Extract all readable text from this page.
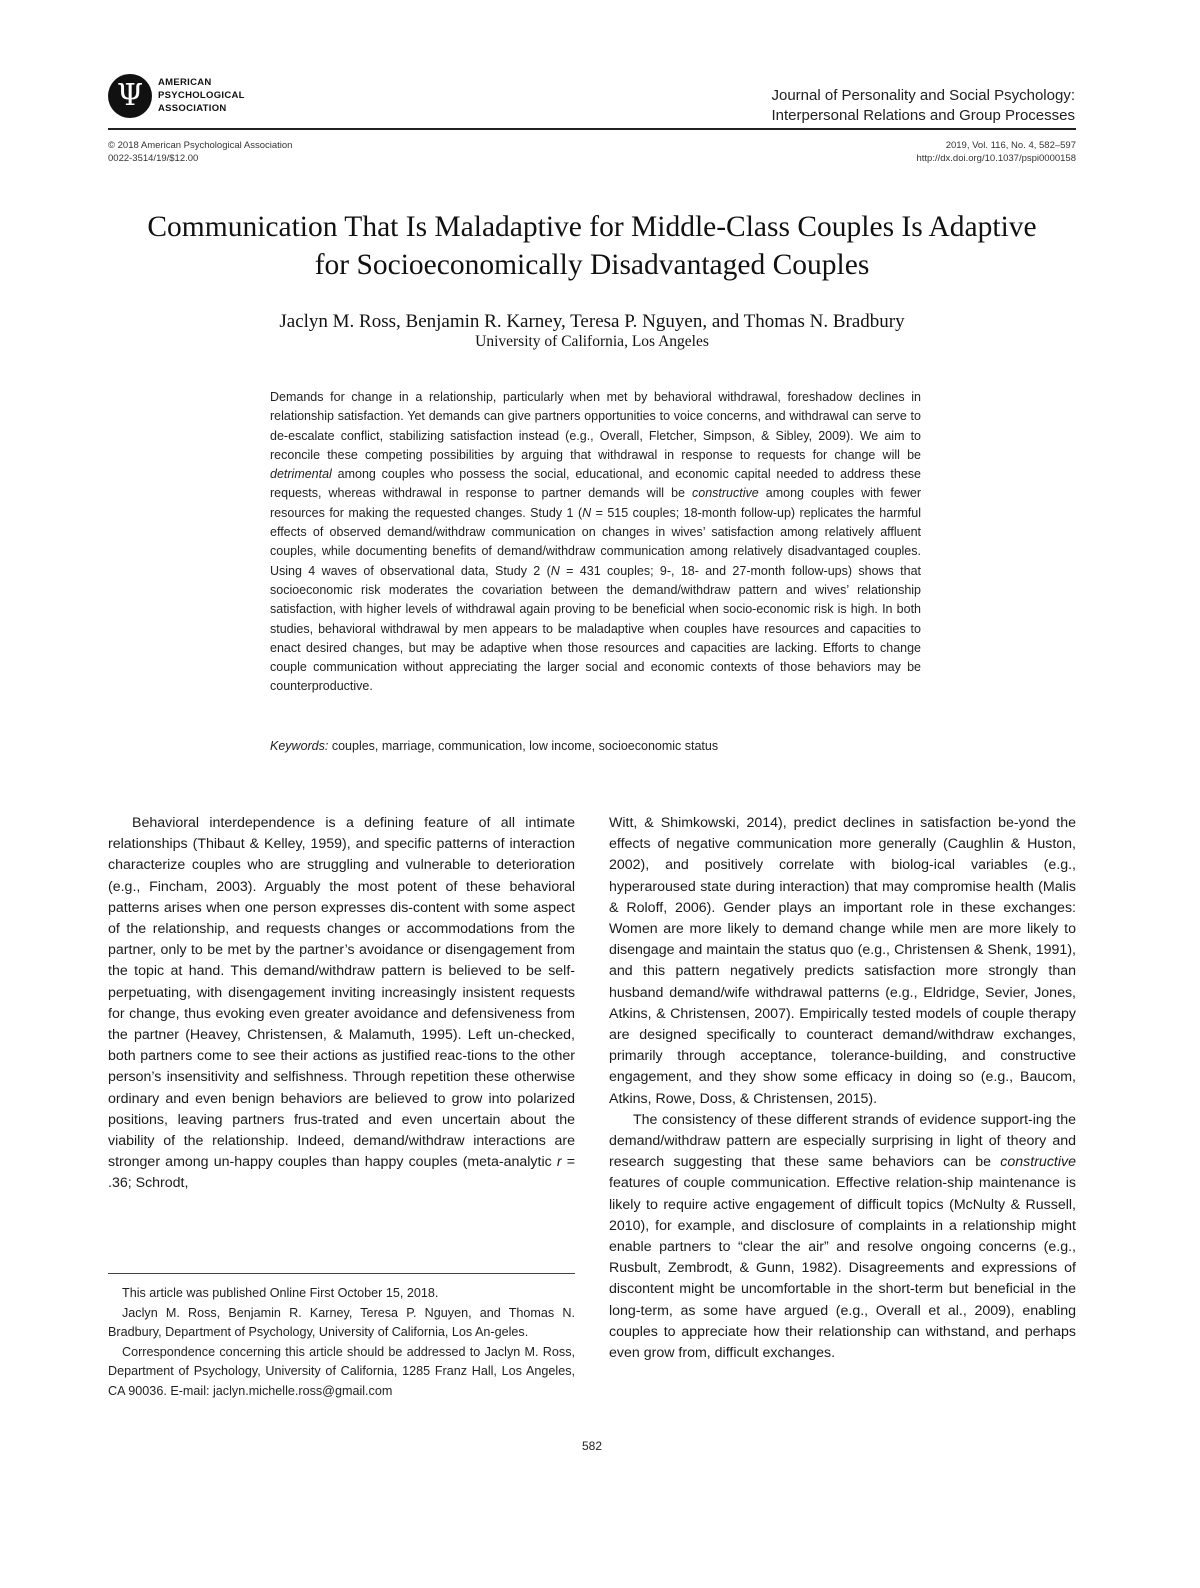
Ψ	AMERICAN
PSYCHOLOGICAL
ASSOCIATION
Journal of Personality and Social Psychology:
Interpersonal Relations and Group Processes
© 2018 American Psychological Association
0022-3514/19/$12.00
2019, Vol. 116, No. 4, 582–597
http://dx.doi.org/10.1037/pspi0000158
Communication That Is Maladaptive for Middle-Class Couples Is Adaptive
for Socioeconomically Disadvantaged Couples
Jaclyn M. Ross, Benjamin R. Karney, Teresa P. Nguyen, and Thomas N. Bradbury
University of California, Los Angeles
Demands for change in a relationship, particularly when met by behavioral withdrawal, foreshadow declines in relationship satisfaction. Yet demands can give partners opportunities to voice concerns, and withdrawal can serve to de-escalate conflict, stabilizing satisfaction instead (e.g., Overall, Fletcher, Simpson, & Sibley, 2009). We aim to reconcile these competing possibilities by arguing that withdrawal in response to requests for change will be detrimental among couples who possess the social, educational, and economic capital needed to address these requests, whereas withdrawal in response to partner demands will be constructive among couples with fewer resources for making the requested changes. Study 1 (N = 515 couples; 18-month follow-up) replicates the harmful effects of observed demand/withdraw communication on changes in wives’ satisfaction among relatively affluent couples, while documenting benefits of demand/withdraw communication among relatively disadvantaged couples. Using 4 waves of observational data, Study 2 (N = 431 couples; 9-, 18- and 27-month follow-ups) shows that socioeconomic risk moderates the covariation between the demand/withdraw pattern and wives’ relationship satisfaction, with higher levels of withdrawal again proving to be beneficial when socio-economic risk is high. In both studies, behavioral withdrawal by men appears to be maladaptive when couples have resources and capacities to enact desired changes, but may be adaptive when those resources and capacities are lacking. Efforts to change couple communication without appreciating the larger social and economic contexts of those behaviors may be counterproductive.
Keywords: couples, marriage, communication, low income, socioeconomic status

Behavioral interdependence is a defining feature of all intimate relationships (Thibaut & Kelley, 1959), and specific patterns of interaction characterize couples who are struggling and vulnerable to deterioration (e.g., Fincham, 2003). Arguably the most potent of these behavioral patterns arises when one person expresses dis-content with some aspect of the relationship, and requests changes or accommodations from the partner, only to be met by the partner’s avoidance or disengagement from the topic at hand. This demand/withdraw pattern is believed to be self-perpetuating, with disengagement inviting increasingly insistent requests for change, thus evoking even greater avoidance and defensiveness from the partner (Heavey, Christensen, & Malamuth, 1995). Left un-checked, both partners come to see their actions as justified reac-tions to the other person’s insensitivity and selfishness. Through repetition these otherwise ordinary and even benign behaviors are believed to grow into polarized positions, leaving partners frus-trated and even uncertain about the viability of the relationship. Indeed, demand/withdraw interactions are stronger among un-happy couples than happy couples (meta-analytic r = .36; Schrodt,

Witt, & Shimkowski, 2014), predict declines in satisfaction be-yond the effects of negative communication more generally (Caughlin & Huston, 2002), and positively correlate with biolog-ical variables (e.g., hyperaroused state during interaction) that may compromise health (Malis & Roloff, 2006). Gender plays an important role in these exchanges: Women are more likely to demand change while men are more likely to disengage and maintain the status quo (e.g., Christensen & Shenk, 1991), and this pattern negatively predicts satisfaction more strongly than husband demand/wife withdrawal patterns (e.g., Eldridge, Sevier, Jones, Atkins, & Christensen, 2007). Empirically tested models of couple therapy are designed specifically to counteract demand/withdraw exchanges, primarily through acceptance, tolerance-building, and constructive engagement, and they show some efficacy in doing so (e.g., Baucom, Atkins, Rowe, Doss, & Christensen, 2015).

The consistency of these different strands of evidence support-ing the demand/withdraw pattern are especially surprising in light of theory and research suggesting that these same behaviors can be constructive features of couple communication. Effective relation-ship maintenance is likely to require active engagement of difficult topics (McNulty & Russell, 2010), for example, and disclosure of complaints in a relationship might enable partners to “clear the air” and resolve ongoing concerns (e.g., Rusbult, Zembrodt, & Gunn, 1982). Disagreements and expressions of discontent might be uncomfortable in the short-term but beneficial in the long-term, as some have argued (e.g., Overall et al., 2009), enabling couples to appreciate how their relationship can withstand, and perhaps even grow from, difficult exchanges.

This article was published Online First October 15, 2018.

Jaclyn M. Ross, Benjamin R. Karney, Teresa P. Nguyen, and Thomas N. Bradbury, Department of Psychology, University of California, Los An-geles.

Correspondence concerning this article should be addressed to Jaclyn M. Ross, Department of Psychology, University of California, 1285 Franz Hall, Los Angeles, CA 90036. E-mail: jaclyn.michelle.ross@gmail.com

582
